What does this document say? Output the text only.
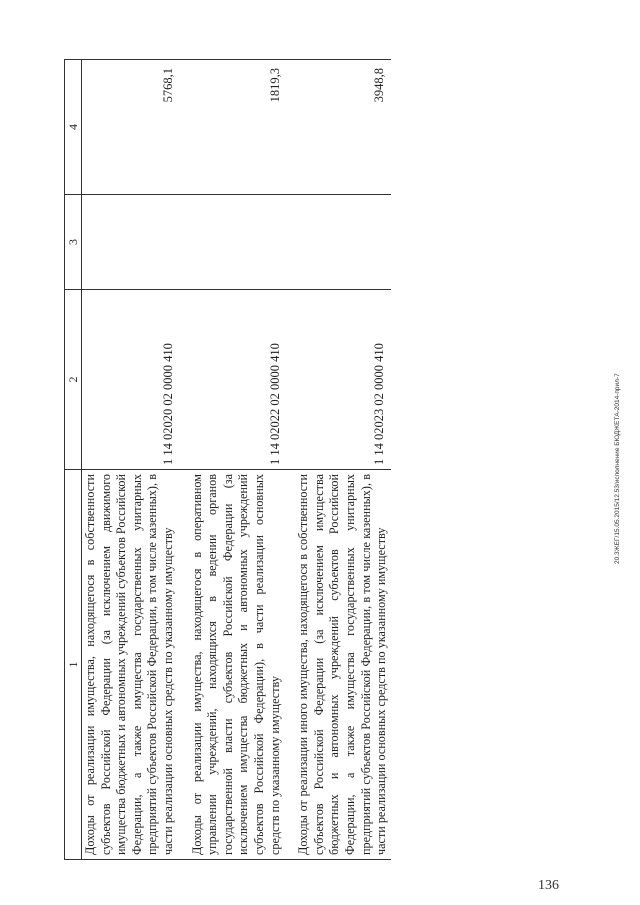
1	2	3	4
Доходы от реализации имущества, находящегося в собственности субъектов Российской Федерации (за исключением движимого имущества бюджетных и автономных учреждений субъектов Российской Федерации, а также имущества государственных унитарных предприятий субъектов Российской Федерации, в том числе казенных), в части реализации основных средств по указанному имуществу	1 14 02020 02 0000 410		5768,1
Доходы от реализации имущества, находящегося в оперативном управлении учреждений, находящихся в ведении органов государственной власти субъектов Российской Федерации (за исключением имущества бюджетных и автономных учреждений субъектов Российской Федерации), в части реализации основных средств по указанному имуществу	1 14 02022 02 0000 410		1819,3
Доходы от реализации иного имущества, находящегося в собственности субъектов Российской Федерации (за исключением имущества бюджетных и автономных учреждений субъектов Российской Федерации, а также имущества государственных унитарных предприятий субъектов Российской Федерации, в том числе казенных), в части реализации основных средств по указанному имуществу	1 14 02023 02 0000 410		3948,8
136
20.3ЖЕГ/15.05.2015/12.53/исполнение БЮДЖЕТА-2014-прил-7
